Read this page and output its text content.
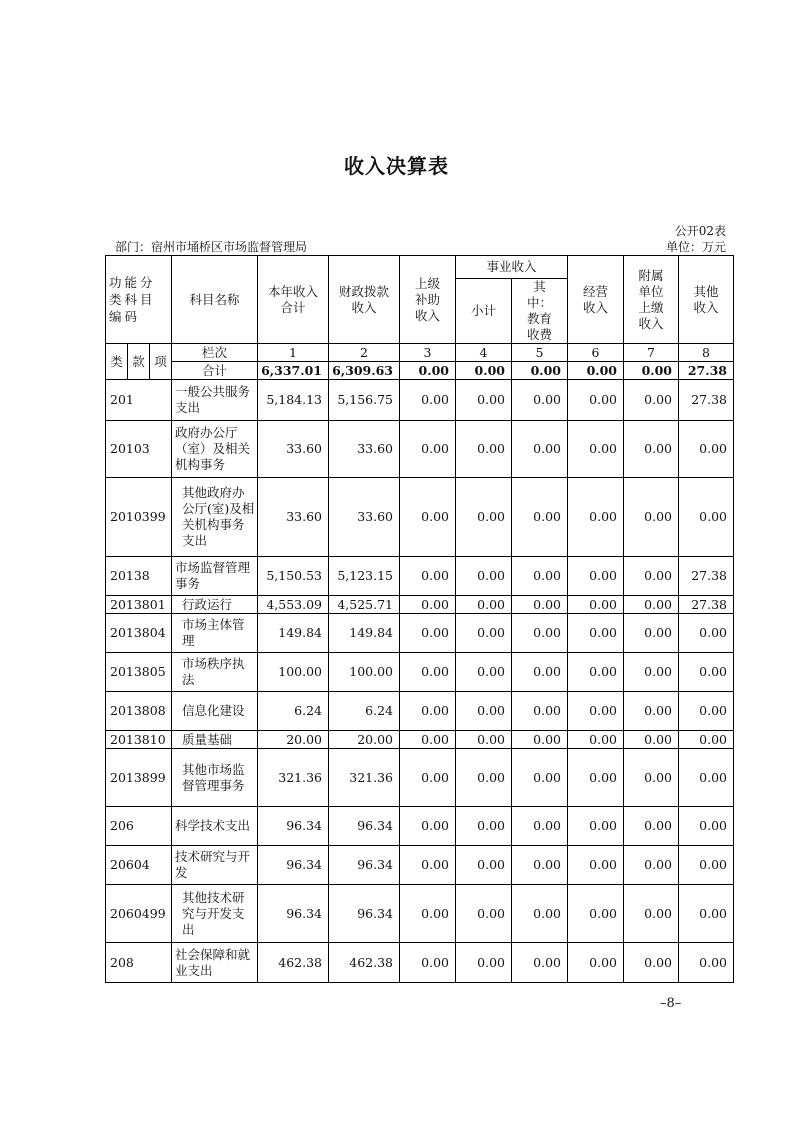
收入决算表
公开02表
部门：宿州市埇桥区市场监督管理局	单位：万元
功能分类科目编码			科目名称	本年收入合计	财政拨款收入	上级补助收入	事业收入		经营收入	附属单位上缴收入	其他收入
							小计	其中：教育收费			

类	款	项	栏次	1	2	3	4	5	6	7	8
			合计	6,337.01	6,309.63	0.00	0.00	0.00	0.00	0.00	27.38
201			一般公共服务支出	5,184.13	5,156.75	0.00	0.00	0.00	0.00	0.00	27.38
20103			政府办公厅（室）及相关机构事务	33.60	33.60	0.00	0.00	0.00	0.00	0.00	0.00
2010399			其他政府办公厅(室)及相关机构事务支出	33.60	33.60	0.00	0.00	0.00	0.00	0.00	0.00
20138			市场监督管理事务	5,150.53	5,123.15	0.00	0.00	0.00	0.00	0.00	27.38
2013801			行政运行	4,553.09	4,525.71	0.00	0.00	0.00	0.00	0.00	27.38
2013804			市场主体管理	149.84	149.84	0.00	0.00	0.00	0.00	0.00	0.00
2013805			市场秩序执法	100.00	100.00	0.00	0.00	0.00	0.00	0.00	0.00
2013808			信息化建设	6.24	6.24	0.00	0.00	0.00	0.00	0.00	0.00
2013810			质量基础	20.00	20.00	0.00	0.00	0.00	0.00	0.00	0.00
2013899			其他市场监督管理事务	321.36	321.36	0.00	0.00	0.00	0.00	0.00	0.00
206			科学技术支出	96.34	96.34	0.00	0.00	0.00	0.00	0.00	0.00
20604			技术研究与开发	96.34	96.34	0.00	0.00	0.00	0.00	0.00	0.00
2060499			其他技术研究与开发支出	96.34	96.34	0.00	0.00	0.00	0.00	0.00	0.00
208			社会保障和就业支出	462.38	462.38	0.00	0.00	0.00	0.00	0.00	0.00
–8–
